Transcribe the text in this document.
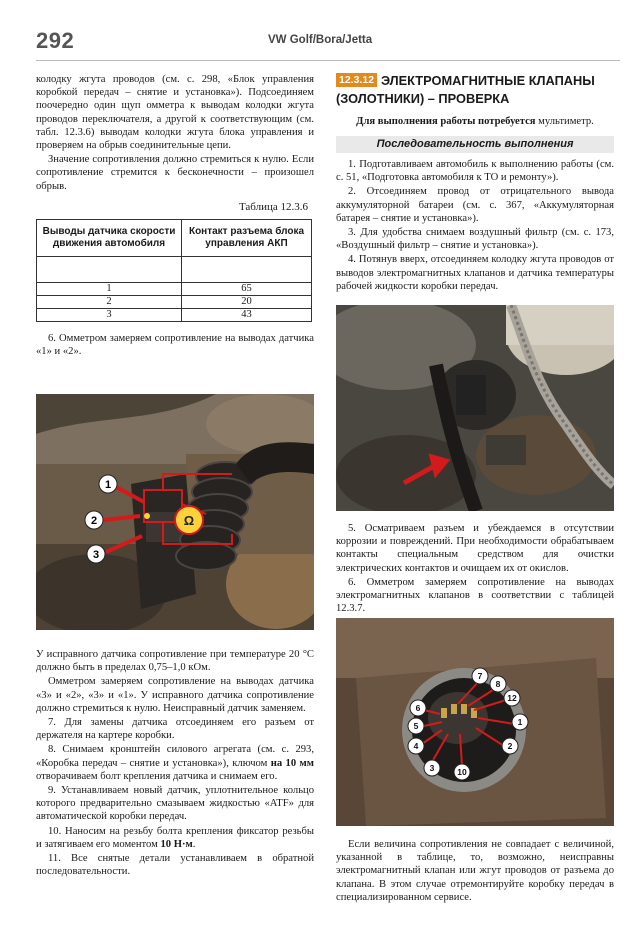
292	VW Golf/Bora/Jetta

колодку жгута проводов (см. с. 298, «Блок управления коробкой передач – снятие и установка»). Подсоединяем поочередно один щуп омметра к выводам колодки жгута проводов переключателя, а другой к соответствующим (см. табл. 12.3.6) выводам колодки жгута блока управления и проверяем на обрыв соединительные цепи.

Значение сопротивления должно стремиться к нулю. Если сопротивление стремится к бесконечности – произошел обрыв.

Таблица 12.3.6
Выводы датчика скорости движения автомобиля	Контакт разъема блока управления АКП

1	65
2	20
3	43

6. Омметром замеряем сопротивление на выводах датчика «1» и «2».

1
2
3
Ω

У исправного датчика сопротивление при температуре 20 °С должно быть в пределах 0,75–1,0 кОм.

Омметром замеряем сопротивление на выводах датчика «3» и «2», «3» и «1». У исправного датчика сопротивление должно стремиться к нулю. Неисправный датчик заменяем.

7. Для замены датчика отсоединяем его разъем от держателя на картере коробки.

8. Снимаем кронштейн силового агрегата (см. с. 293, «Коробка передач – снятие и установка»), ключом на 10 мм отворачиваем болт крепления датчика и снимаем его.

9. Устанавливаем новый датчик, уплотнительное кольцо которого предварительно смазываем жидкостью «ATF» для автоматической коробки передач.

10. Наносим на резьбу болта крепления фиксатор резьбы и затягиваем его моментом 10 Н·м.

11. Все снятые детали устанавливаем в обратной последовательности.

12.3.12 ЭЛЕКТРОМАГНИТНЫЕ КЛАПАНЫ (ЗОЛОТНИКИ) – ПРОВЕРКА
Для выполнения работы потребуется мультиметр.
Последовательность выполнения

1. Подготавливаем автомобиль к выполнению работы (см. с. 51, «Подготовка автомобиля к ТО и ремонту»).

2. Отсоединяем провод от отрицательного вывода аккумуляторной батареи (см. с. 367, «Аккумуляторная батарея – снятие и установка»).

3. Для удобства снимаем воздушный фильтр (см. с. 173, «Воздушный фильтр – снятие и установка»).

4. Потянув вверх, отсоединяем колодку жгута проводов от выводов электромагнитных клапанов и датчика температуры рабочей жидкости коробки передач.

5. Осматриваем разъем и убеждаемся в отсутствии коррозии и повреждений. При необходимости обрабатываем контакты специальным средством для очистки электрических контактов и очищаем их от окислов.

6. Омметром замеряем сопротивление на выводах электромагнитных клапанов в соответствии с таблицей 12.3.7.

7
8
12
1
2
3
4
5
6
10

Если величина сопротивления не совпадает с величиной, указанной в таблице, то, возможно, неисправны электромагнитный клапан или жгут проводов от разъема до клапана. В этом случае отремонтируйте коробку передач в специализированном сервисе.
